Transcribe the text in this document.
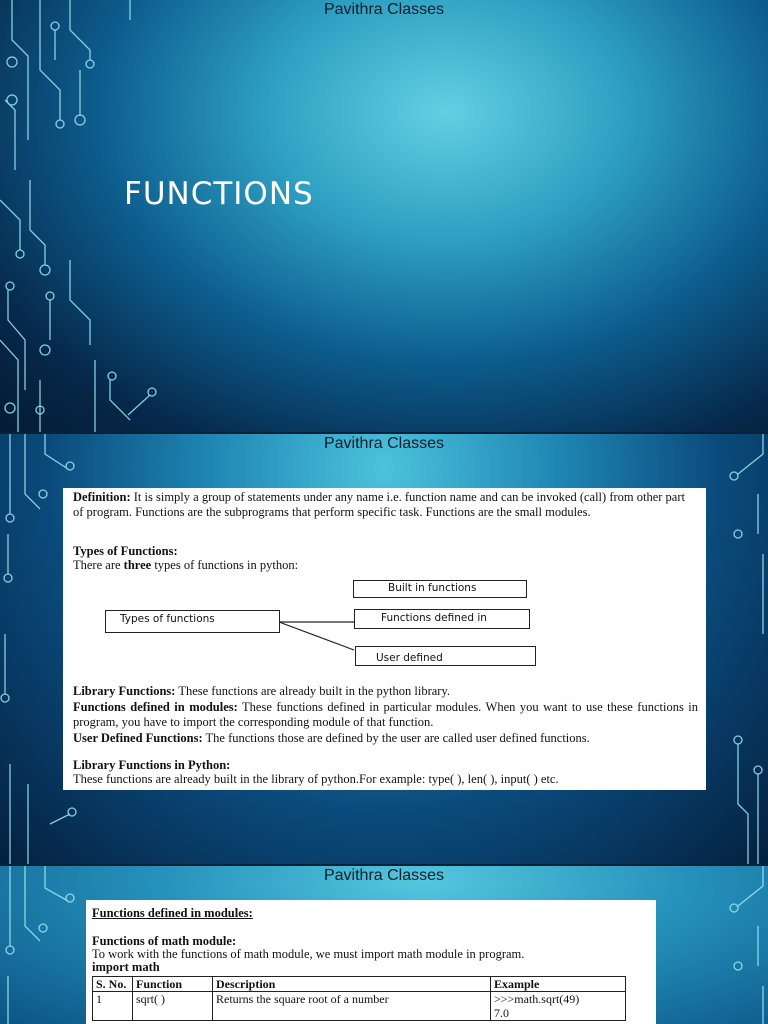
Pavithra Classes
FUNCTIONS
Pavithra Classes
Definition: It is simply a group of statements under any name i.e. function name and can be invoked (call) from other part of program. Functions are the subprograms that perform specific task. Functions are the small modules.
Types of Functions:
There are three types of functions in python:
Types of functions
Built in functions
Functions defined in
User defined
Library Functions: These functions are already built in the python library.
Functions defined in modules: These functions defined in particular modules. When you want to use these functions in program, you have to import the corresponding module of that function.
User Defined Functions: The functions those are defined by the user are called user defined functions.
Library Functions in Python:
These functions are already built in the library of python.For example: type( ), len( ), input( ) etc.
Pavithra Classes
Functions defined in modules:
Functions of math module:
To work with the functions of math module, we must import math module in program.
import math
S. No.	Function	Description	Example
1	sqrt( )	Returns the square root of a number	>>>math.sqrt(49)
7.0
